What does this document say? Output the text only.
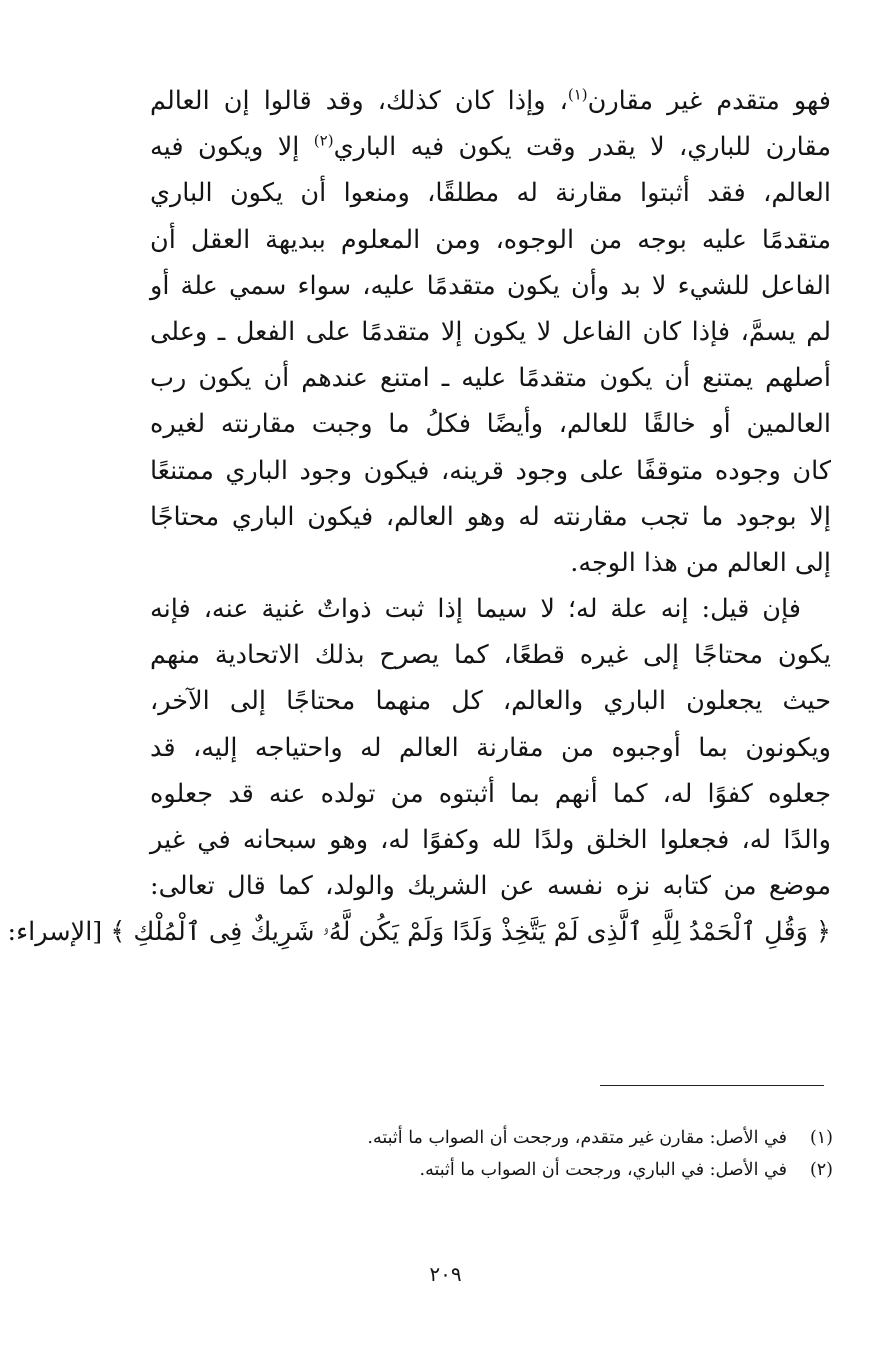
فهو متقدم غير مقارن$^{(١)}$، وإذا كان كذلك، وقد قالوا إن العالم
مقارن للباري، لا يقدر وقت يكون فيه الباري$^{(٢)}$ إلا ويكون فيه
العالم، فقد أثبتوا مقارنة له مطلقًا، ومنعوا أن يكون الباري
متقدمًا عليه بوجه من الوجوه، ومن المعلوم ببديهة العقل أن
الفاعل للشيء لا بد وأن يكون متقدمًا عليه، سواء سمي علة أو
لم يسمَّ، فإذا كان الفاعل لا يكون إلا متقدمًا على الفعل ـ وعلى
أصلهم يمتنع أن يكون متقدمًا عليه ـ امتنع عندهم أن يكون رب
العالمين أو خالقًا للعالم، وأيضًا فكلُ ما وجبت مقارنته لغيره
كان وجوده متوقفًا على وجود قرينه، فيكون وجود الباري ممتنعًا
إلا بوجود ما تجب مقارنته له وهو العالم، فيكون الباري محتاجًا
إلى العالم من هذا الوجه.
فإن قيل: إنه علة له؛ لا سيما إذا ثبت ذواتٌ غنية عنه، فإنه
يكون محتاجًا إلى غيره قطعًا، كما يصرح بذلك الاتحادية منهم
حيث يجعلون الباري والعالم، كل منهما محتاجًا إلى الآخر،
ويكونون بما أوجبوه من مقارنة العالم له واحتياجه إليه، قد
جعلوه كفوًا له، كما أنهم بما أثبتوه من تولده عنه قد جعلوه
والدًا له، فجعلوا الخلق ولدًا لله وكفوًا له، وهو سبحانه في غير
موضع من كتابه نزه نفسه عن الشريك والولد، كما قال تعالى:
﴿ وَقُلِ ٱلْحَمْدُ لِلَّهِ ٱلَّذِى لَمْ يَتَّخِذْ وَلَدًا وَلَمْ يَكُن لَّهُۥ شَرِيكٌ فِى ٱلْمُلْكِ ﴾ [الإسراء:
(١)في الأصل: مقارن غير متقدم، ورجحت أن الصواب ما أثبته.
(٢)في الأصل: في الباري، ورجحت أن الصواب ما أثبته.
٢٠٩
